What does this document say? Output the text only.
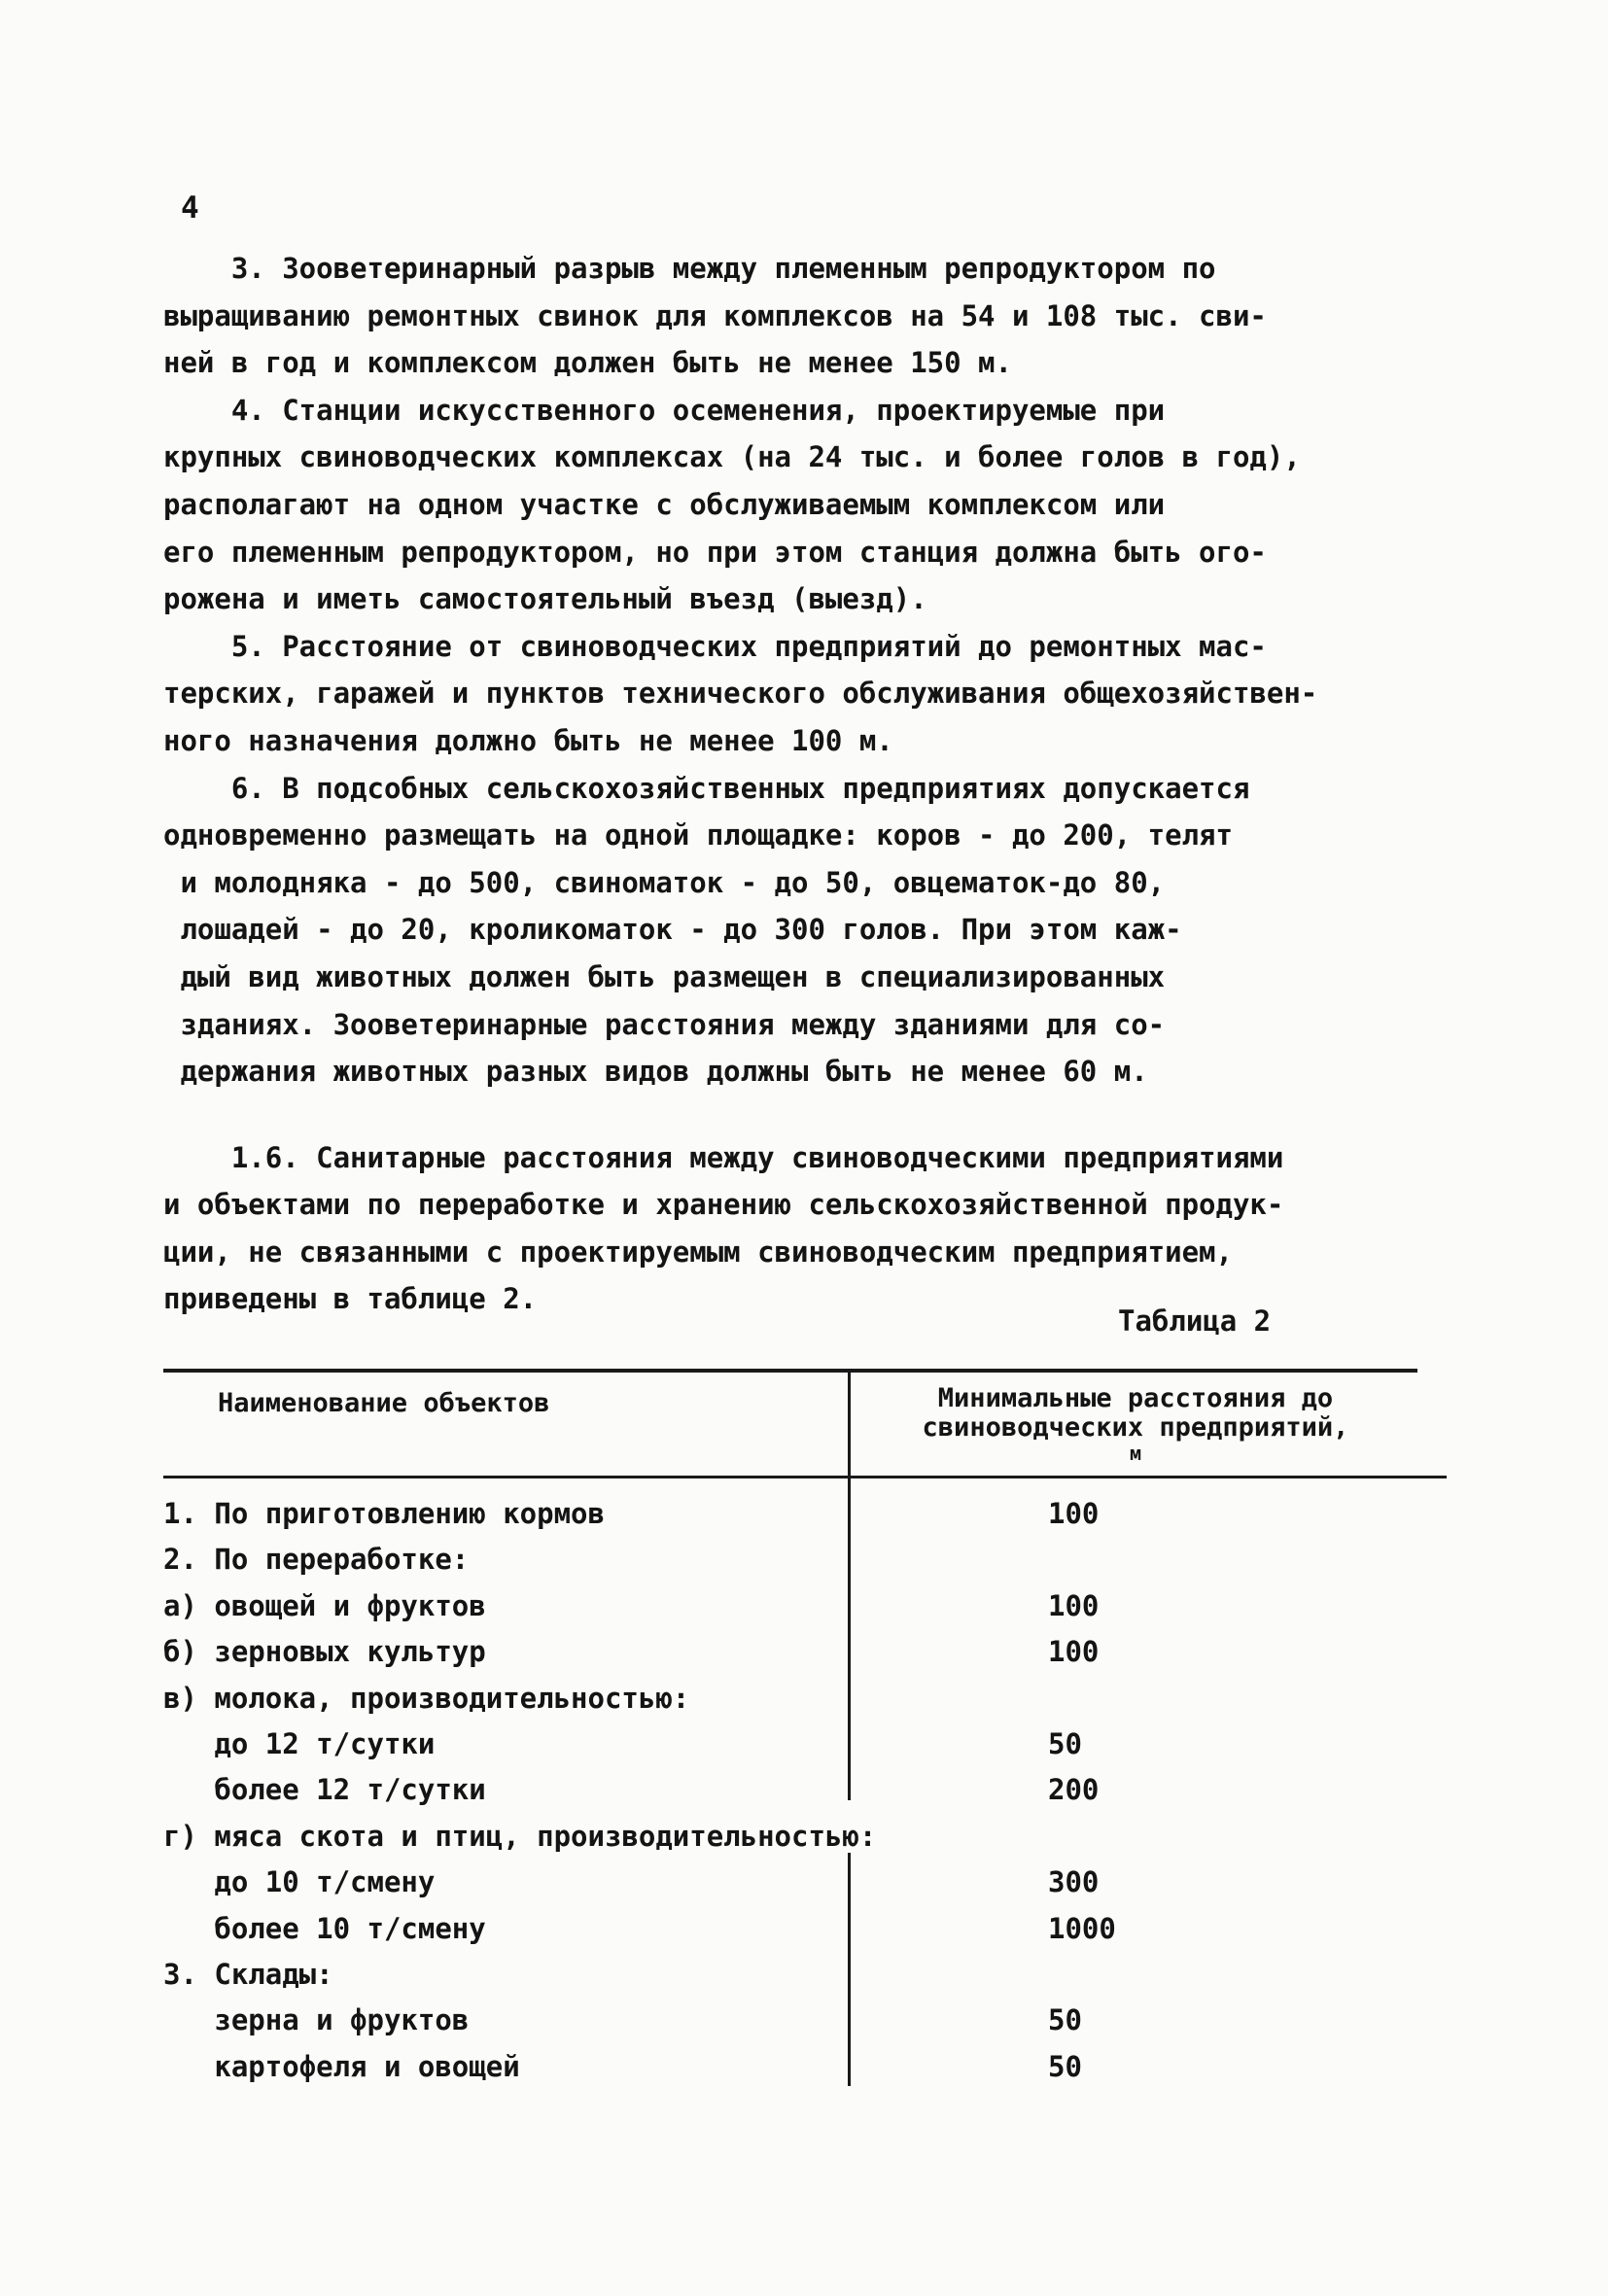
4
3. Зооветеринарный разрыв между племенным репродуктором по
выращиванию ремонтных свинок для комплексов на 54 и 108 тыс. сви-
ней в год и комплексом должен быть не менее 150 м.
4. Станции искусственного осеменения, проектируемые при
крупных свиноводческих комплексах (на 24 тыс. и более голов в год),
располагают на одном участке с обслуживаемым комплексом или
его племенным репродуктором, но при этом станция должна быть огo-
рожена и иметь самостоятельный въезд (выезд).
5. Расстояние от свиноводческих предприятий до ремонтных мас-
терских, гаражей и пунктов технического обслуживания общехозяйствен-
ного назначения должно быть не менее 100 м.
6. В подсобных сельскохозяйственных предприятиях допускается
одновременно размещать на одной площадке: коров - до 200, телят
и молодняка - до 500, свиноматок - до 50, овцематок-до 80,
лошадей - до 20, кроликоматок - до 300 голов. При этом каж-
дый вид животных должен быть размещен в специализированных
зданиях. Зооветеринарные расстояния между зданиями для со-
держания животных разных видов должны быть не менее 60 м.
1.6. Санитарные расстояния между свиноводческими предприятиями
и объектами по переработке и хранению сельскохозяйственной продук-
ции, не связанными с проектируемым свиноводческим предприятием,
приведены в таблице 2.
Таблица 2
Наименование объектов	Минимальные расстояния до
свиноводческих предприятий,
м
1. По приготовлению кормов	100
2. По переработке:
а) овощей и фруктов	100
б) зерновых культур	100
в) молока, производительностью:
до 12 т/сутки	50
более 12 т/сутки	200
г) мяса скота и птиц, производительностью:
до 10 т/смену	300
более 10 т/смену	1000
3. Склады:
зерна и фруктов	50
картофеля и овощей	50
